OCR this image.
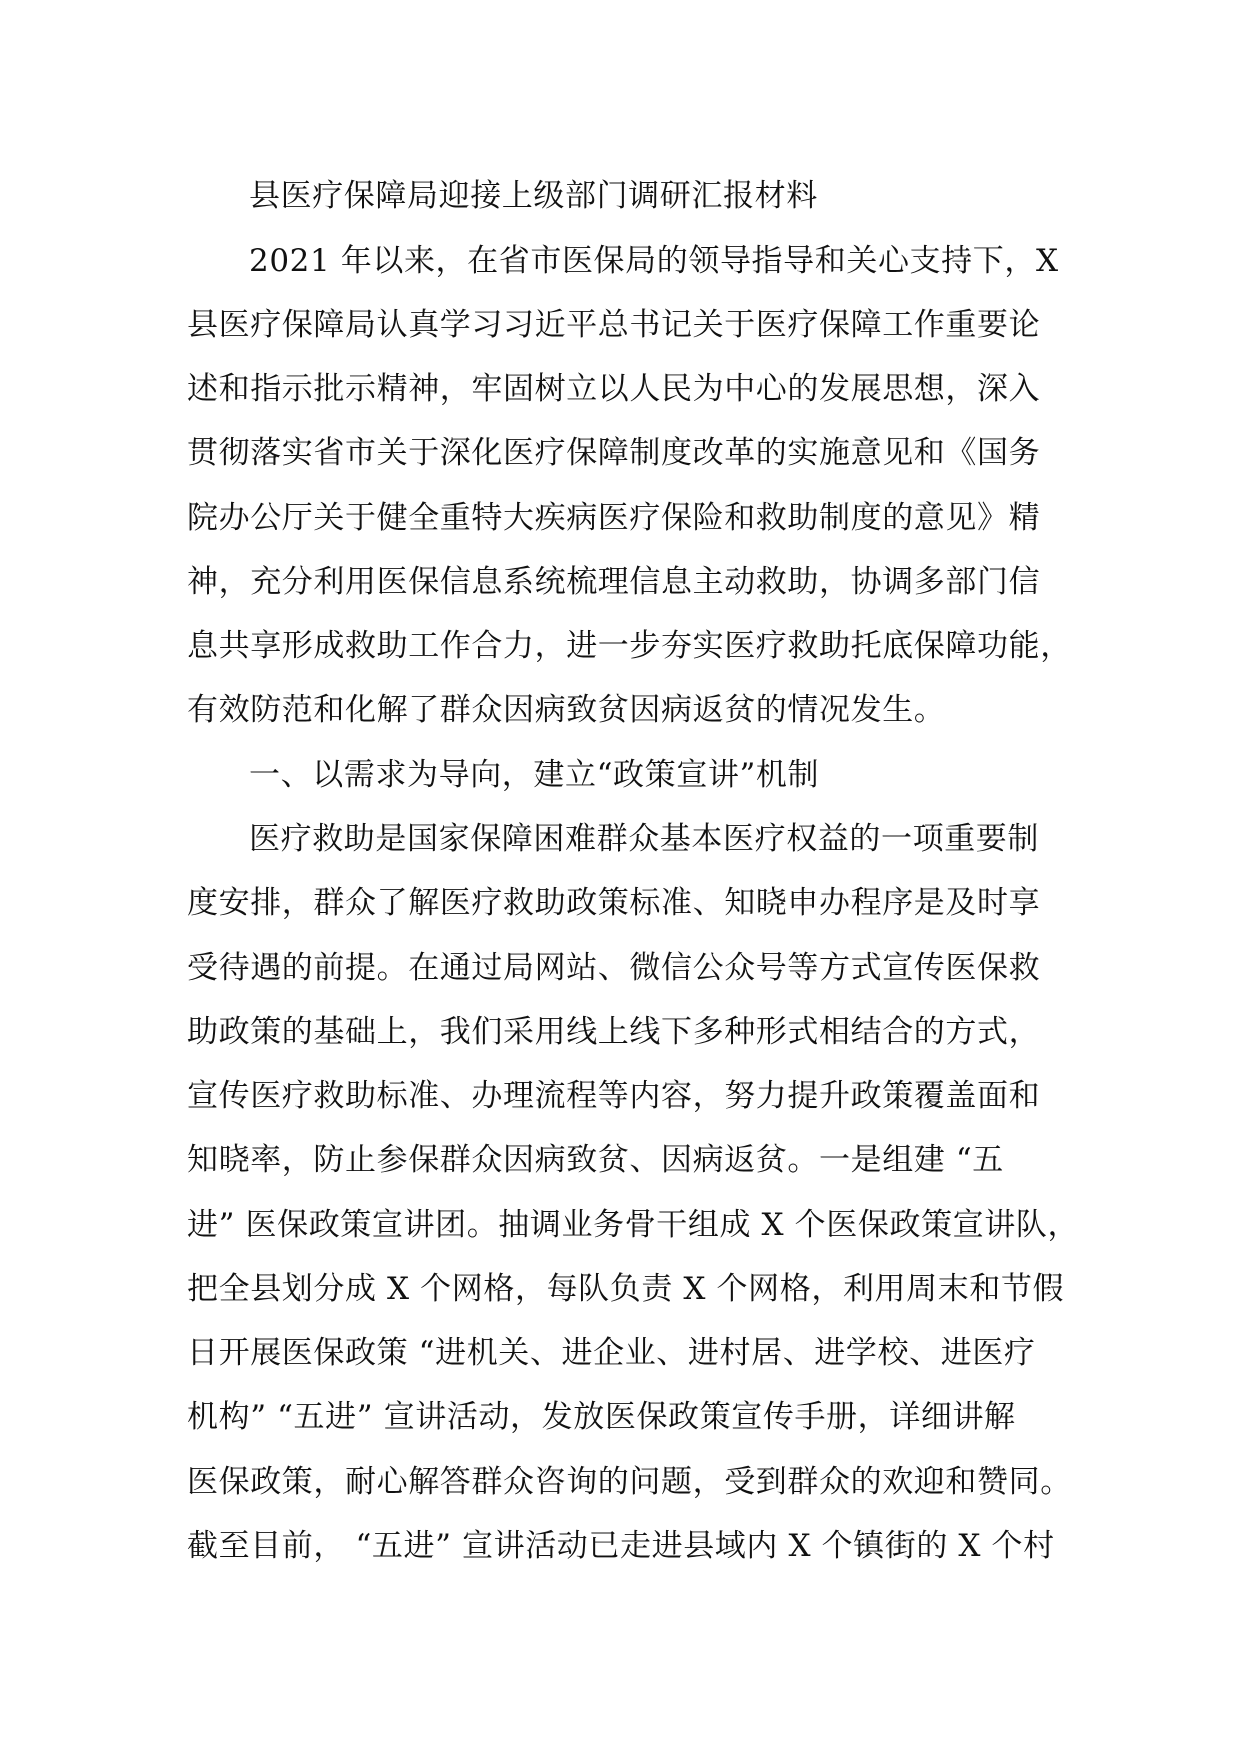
县医疗保障局迎接上级部门调研汇报材料
2021 年以来，在省市医保局的领导指导和关心支持下，X
县医疗保障局认真学习习近平总书记关于医疗保障工作重要论
述和指示批示精神，牢固树立以人民为中心的发展思想，深入
贯彻落实省市关于深化医疗保障制度改革的实施意见和《国务
院办公厅关于健全重特大疾病医疗保险和救助制度的意见》精
神，充分利用医保信息系统梳理信息主动救助，协调多部门信
息共享形成救助工作合力，进一步夯实医疗救助托底保障功能，
有效防范和化解了群众因病致贫因病返贫的情况发生。
一、以需求为导向，建立“政策宣讲”机制
医疗救助是国家保障困难群众基本医疗权益的一项重要制
度安排，群众了解医疗救助政策标准、知晓申办程序是及时享
受待遇的前提。在通过局网站、微信公众号等方式宣传医保救
助政策的基础上，我们采用线上线下多种形式相结合的方式，
宣传医疗救助标准、办理流程等内容，努力提升政策覆盖面和
知晓率，防止参保群众因病致贫、因病返贫。一是组建 “五
进” 医保政策宣讲团。抽调业务骨干组成 X 个医保政策宣讲队，
把全县划分成 X 个网格，每队负责 X 个网格，利用周末和节假
日开展医保政策 “进机关、进企业、进村居、进学校、进医疗
机构” “五进” 宣讲活动，发放医保政策宣传手册，详细讲解
医保政策，耐心解答群众咨询的问题，受到群众的欢迎和赞同。
截至目前， “五进” 宣讲活动已走进县域内 X 个镇街的 X 个村
